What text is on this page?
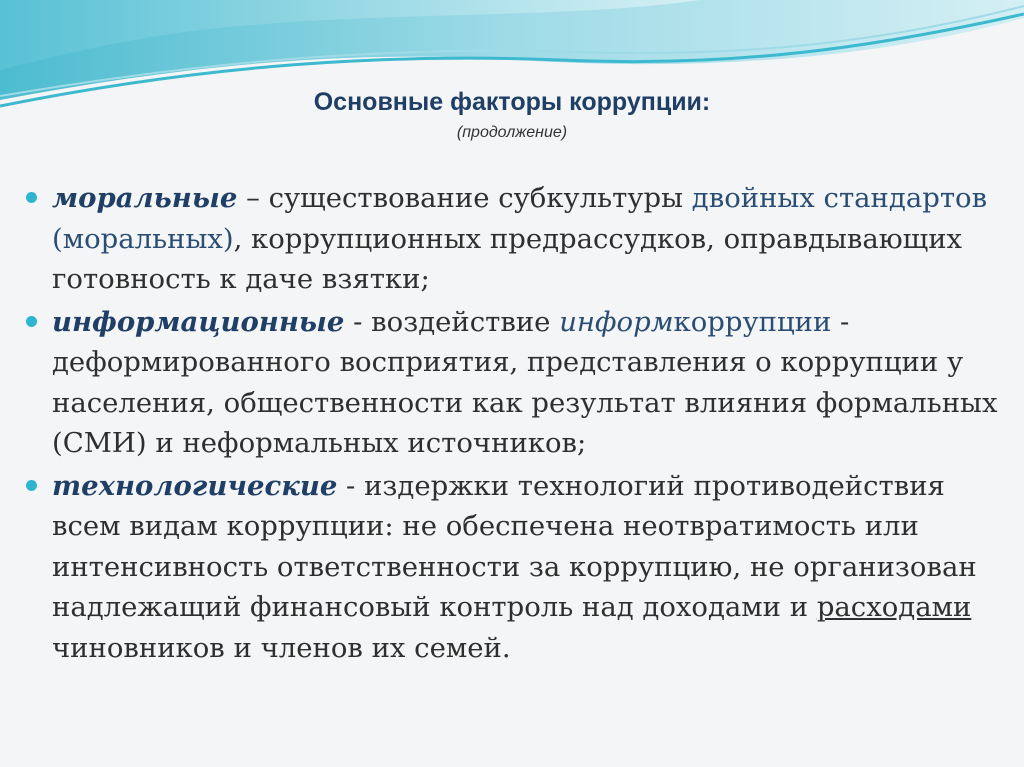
Основные факторы коррупции:
(продолжение)
моральные – существование субкультуры двойных стандартов (моральных), коррупционных предрассудков, оправдывающих готовность к даче взятки;
информационные - воздействие информкоррупции - деформированного восприятия, представления о коррупции у населения, общественности как результат влияния формальных (СМИ) и неформальных источников;
технологические - издержки технологий противодействия всем видам коррупции: не обеспечена неотвратимость или интенсивность ответственности за коррупцию, не организован надлежащий финансовый контроль над доходами и расходами чиновников и членов их семей.
